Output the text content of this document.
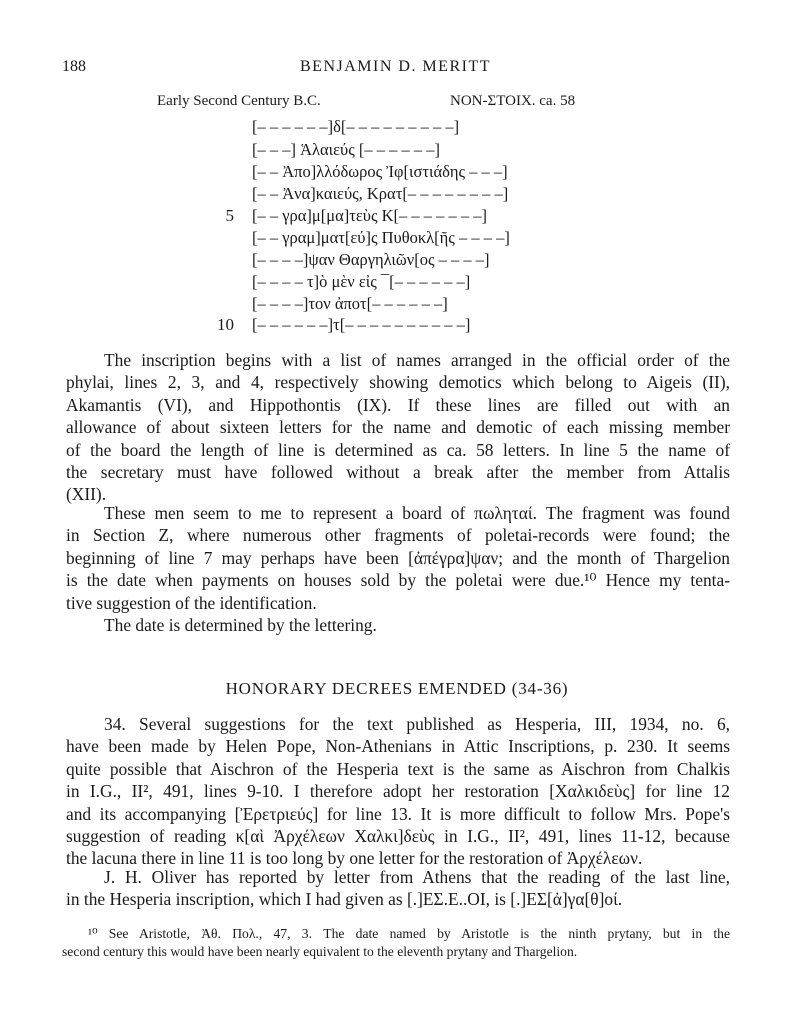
188	BENJAMIN D. MERITT
Early Second Century B.C.	NON-ΣΤΟΙΧ. ca. 58
[– – – – – –]δ[– – – – – – – – –]
[– – –] Ἁλαιεύς [– – – – – –]
[– – Ἀπο]λλόδωρος Ἰφ[ιστιάδης – – –]
[– – Ἀνα]καιεύς, Κρατ[– – – – – – – –]
5 [– – γρα]μ[μα]τεὺς Κ[– – – – – – –]
[– – γραμ]ματ[εύ]ς Πυθοκλ[ῆς – – – –]
[– – – –]ψαν Θαργηλιῶν[ος – – – –]
[– – – – τ]ὸ μὲν εἰς ¯[– – – – – –]
[– – – –]τον ἀποτ[– – – – – –]
10 [– – – – – –]τ[– – – – – – – – – –]
The inscription begins with a list of names arranged in the official order of the
phylai, lines 2, 3, and 4, respectively showing demotics which belong to Aigeis (II),
Akamantis (VI), and Hippothontis (IX). If these lines are filled out with an
allowance of about sixteen letters for the name and demotic of each missing member
of the board the length of line is determined as ca. 58 letters. In line 5 the name of
the secretary must have followed without a break after the member from Attalis
(XII).
These men seem to me to represent a board of πωληταί. The fragment was found
in Section Z, where numerous other fragments of poletai-records were found; the
beginning of line 7 may perhaps have been [ἀπέγρα]ψαν; and the month of Thargelion
is the date when payments on houses sold by the poletai were due.¹⁰ Hence my tenta-
tive suggestion of the identification.
The date is determined by the lettering.
HONORARY DECREES EMENDED (34-36)
34. Several suggestions for the text published as Hesperia, III, 1934, no. 6,
have been made by Helen Pope, Non-Athenians in Attic Inscriptions, p. 230. It seems
quite possible that Aischron of the Hesperia text is the same as Aischron from Chalkis
in I.G., II², 491, lines 9-10. I therefore adopt her restoration [Χαλκιδεὺς] for line 12
and its accompanying [Ἐρετριεύς] for line 13. It is more difficult to follow Mrs. Pope's
suggestion of reading κ[αὶ Ἀρχέλεων Χαλκι]δεὺς in I.G., II², 491, lines 11-12, because
the lacuna there in line 11 is too long by one letter for the restoration of Ἀρχέλεων.
J. H. Oliver has reported by letter from Athens that the reading of the last line,
in the Hesperia inscription, which I had given as [.]ΕΣ.Ε..ΟΙ, is [.]ΕΣ[ἀ]γα[θ]οί.
¹⁰ See Aristotle, Ἀθ. Πολ., 47, 3. The date named by Aristotle is the ninth prytany, but in the
second century this would have been nearly equivalent to the eleventh prytany and Thargelion.
